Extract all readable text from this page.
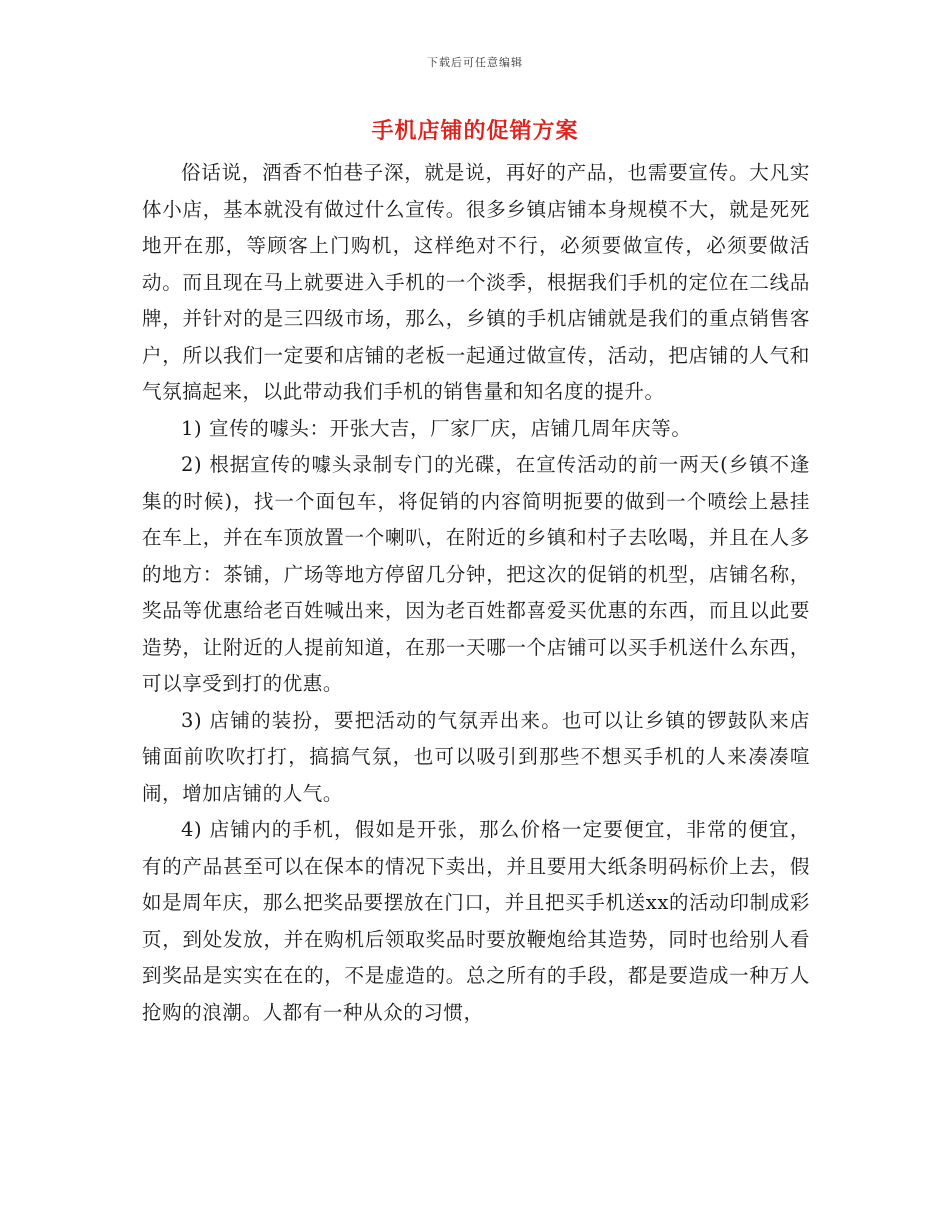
下载后可任意编辑
手机店铺的促销方案

俗话说，酒香不怕巷子深，就是说，再好的产品，也需要宣传。大凡实体小店，基本就没有做过什么宣传。很多乡镇店铺本身规模不大，就是死死地开在那，等顾客上门购机，这样绝对不行，必须要做宣传，必须要做活动。而且现在马上就要进入手机的一个淡季，根据我们手机的定位在二线品牌，并针对的是三四级市场，那么，乡镇的手机店铺就是我们的重点销售客户，所以我们一定要和店铺的老板一起通过做宣传，活动，把店铺的人气和气氛搞起来，以此带动我们手机的销售量和知名度的提升。

1) 宣传的噱头：开张大吉，厂家厂庆，店铺几周年庆等。

2) 根据宣传的噱头录制专门的光碟，在宣传活动的前一两天(乡镇不逢集的时候)，找一个面包车，将促销的内容简明扼要的做到一个喷绘上悬挂在车上，并在车顶放置一个喇叭，在附近的乡镇和村子去吆喝，并且在人多的地方：茶铺，广场等地方停留几分钟，把这次的促销的机型，店铺名称，奖品等优惠给老百姓喊出来，因为老百姓都喜爱买优惠的东西，而且以此要造势，让附近的人提前知道，在那一天哪一个店铺可以买手机送什么东西，可以享受到打的优惠。

3) 店铺的装扮，要把活动的气氛弄出来。也可以让乡镇的锣鼓队来店铺面前吹吹打打，搞搞气氛，也可以吸引到那些不想买手机的人来凑凑喧闹，增加店铺的人气。

4) 店铺内的手机，假如是开张，那么价格一定要便宜，非常的便宜，有的产品甚至可以在保本的情况下卖出，并且要用大纸条明码标价上去，假如是周年庆，那么把奖品要摆放在门口，并且把买手机送xx的活动印制成彩页，到处发放，并在购机后领取奖品时要放鞭炮给其造势，同时也给别人看到奖品是实实在在的，不是虚造的。总之所有的手段，都是要造成一种万人抢购的浪潮。人都有一种从众的习惯，
